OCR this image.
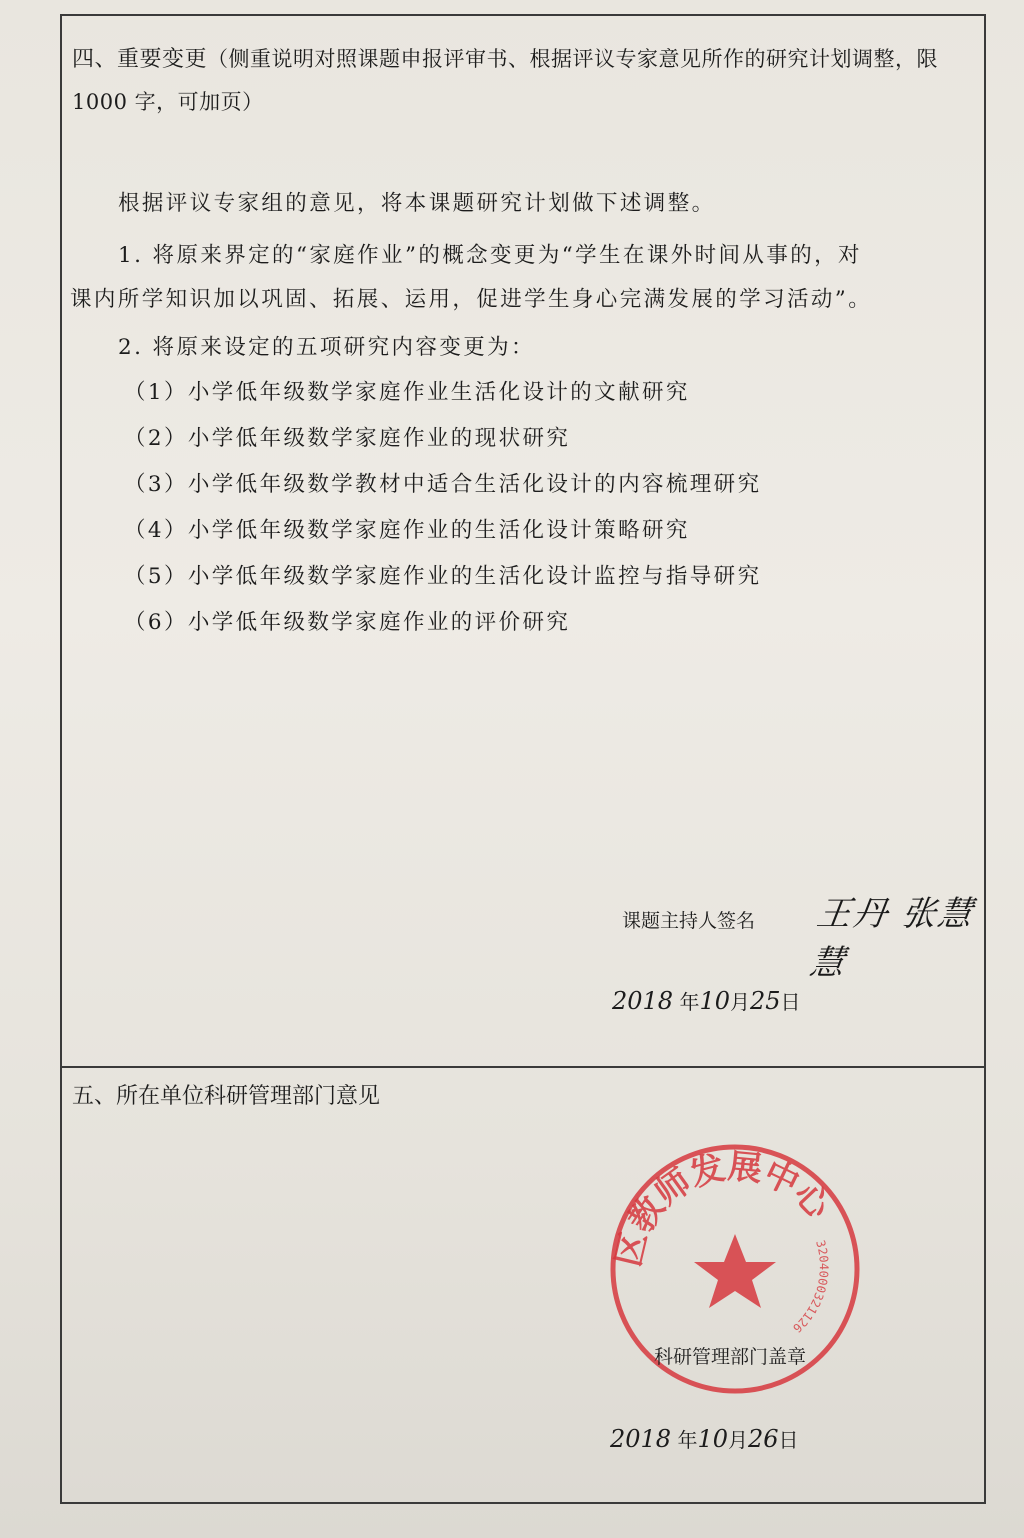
四、重要变更（侧重说明对照课题申报评审书、根据评议专家意见所作的研究计划调整，限 1000 字，可加页）
根据评议专家组的意见，将本课题研究计划做下述调整。
1. 将原来界定的“家庭作业”的概念变更为“学生在课外时间从事的，对
课内所学知识加以巩固、拓展、运用，促进学生身心完满发展的学习活动”。
2. 将原来设定的五项研究内容变更为：
（1）小学低年级数学家庭作业生活化设计的文献研究
（2）小学低年级数学家庭作业的现状研究
（3）小学低年级数学教材中适合生活化设计的内容梳理研究
（4）小学低年级数学家庭作业的生活化设计策略研究
（5）小学低年级数学家庭作业的生活化设计监控与指导研究
（6）小学低年级数学家庭作业的评价研究
课题主持人签名 王丹 张慧慧
2018 年10月25日
五、所在单位科研管理部门意见
区教师发展中心
3204000321126
科研管理部门盖章
2018 年10月26日
